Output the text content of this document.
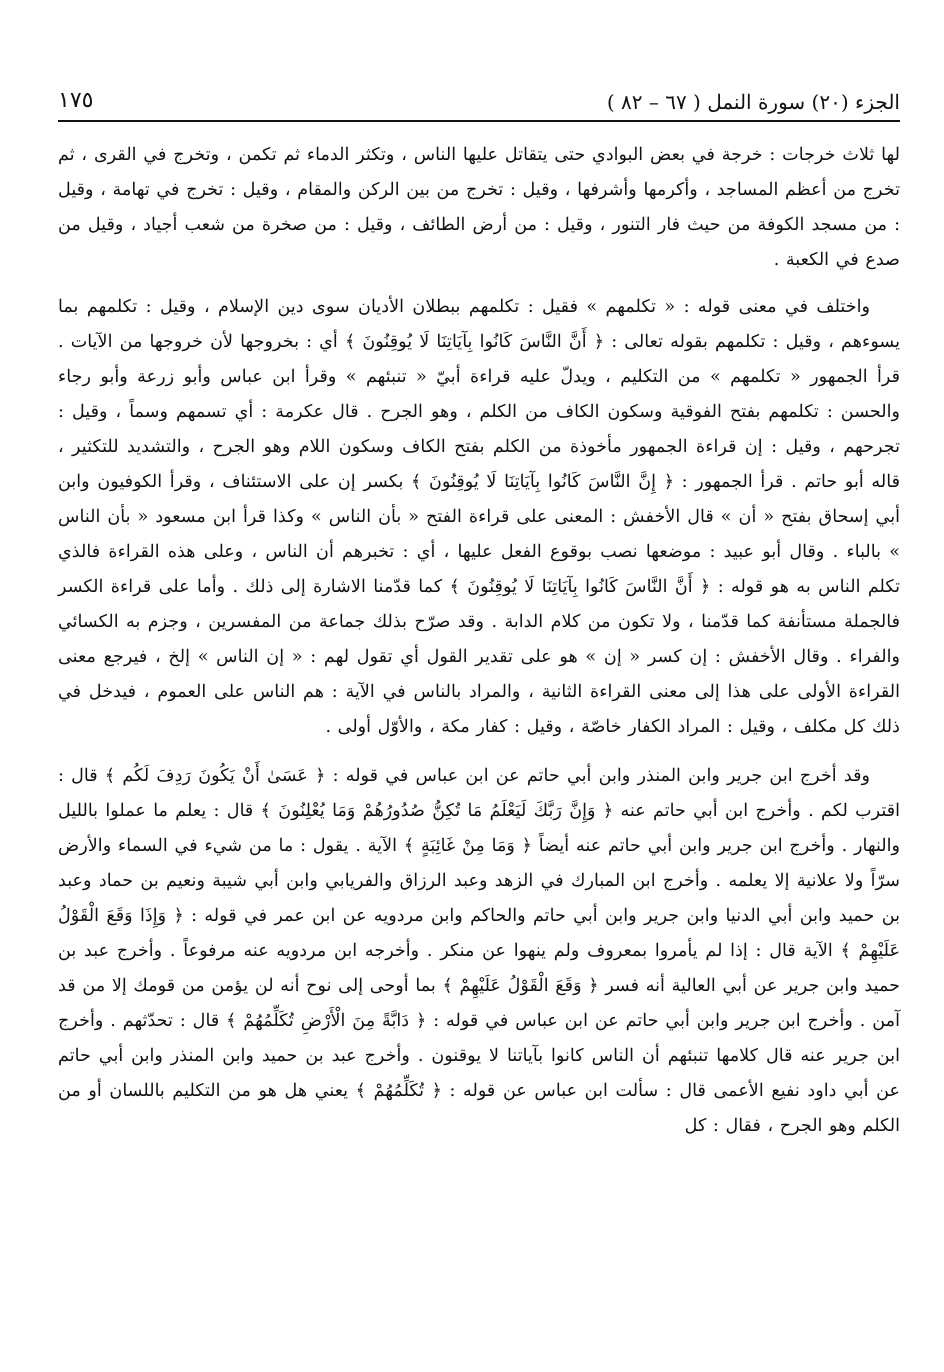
الجزء (٢٠) سورة النمل ( ٦٧ – ٨٢ )
١٧٥

لها ثلاث خرجات : خرجة في بعض البوادي حتى يتقاتل عليها الناس ، وتكثر الدماء ثم تكمن ، وتخرج في القرى ، ثم تخرج من أعظم المساجد ، وأكرمها وأشرفها ، وقيل : تخرج من بين الركن والمقام ، وقيل : تخرج في تهامة ، وقيل : من مسجد الكوفة من حيث فار التنور ، وقيل : من أرض الطائف ، وقيل : من صخرة من شعب أجياد ، وقيل من صدع في الكعبة .

واختلف في معنى قوله : « تكلمهم » فقيل : تكلمهم ببطلان الأديان سوى دين الإسلام ، وقيل : تكلمهم بما يسوءهم ، وقيل : تكلمهم بقوله تعالى : ﴿ أَنَّ النَّاسَ كَانُوا بِآيَاتِنَا لَا يُوقِنُونَ ﴾ أي : بخروجها لأن خروجها من الآيات . قرأ الجمهور « تكلمهم » من التكليم ، ويدلّ عليه قراءة أبيّ « تنبئهم » وقرأ ابن عباس وأبو زرعة وأبو رجاء والحسن : تكلمهم بفتح الفوقية وسكون الكاف من الكلم ، وهو الجرح . قال عكرمة : أي تسمهم وسماً ، وقيل : تجرحهم ، وقيل : إن قراءة الجمهور مأخوذة من الكلم بفتح الكاف وسكون اللام وهو الجرح ، والتشديد للتكثير ، قاله أبو حاتم . قرأ الجمهور : ﴿ إِنَّ النَّاسَ كَانُوا بِآيَاتِنَا لَا يُوقِنُونَ ﴾ بكسر إن على الاستئناف ، وقرأ الكوفيون وابن أبي إسحاق بفتح « أن » قال الأخفش : المعنى على قراءة الفتح « بأن الناس » وكذا قرأ ابن مسعود « بأن الناس » بالباء . وقال أبو عبيد : موضعها نصب بوقوع الفعل عليها ، أي : تخبرهم أن الناس ، وعلى هذه القراءة فالذي تكلم الناس به هو قوله : ﴿ أَنَّ النَّاسَ كَانُوا بِآيَاتِنَا لَا يُوقِنُونَ ﴾ كما قدّمنا الاشارة إلى ذلك . وأما على قراءة الكسر فالجملة مستأنفة كما قدّمنا ، ولا تكون من كلام الدابة . وقد صرّح بذلك جماعة من المفسرين ، وجزم به الكسائي والفراء . وقال الأخفش : إن كسر « إن » هو على تقدير القول أي تقول لهم : « إن الناس » إلخ ، فيرجع معنى القراءة الأولى على هذا إلى معنى القراءة الثانية ، والمراد بالناس في الآية : هم الناس على العموم ، فيدخل في ذلك كل مكلف ، وقيل : المراد الكفار خاصّة ، وقيل : كفار مكة ، والأوّل أولى .

وقد أخرج ابن جرير وابن المنذر وابن أبي حاتم عن ابن عباس في قوله : ﴿ عَسَىٰ أَنْ يَكُونَ رَدِفَ لَكُم ﴾ قال : اقترب لكم . وأخرج ابن أبي حاتم عنه ﴿ وَإِنَّ رَبَّكَ لَيَعْلَمُ مَا تُكِنُّ صُدُورُهُمْ وَمَا يُعْلِنُونَ ﴾ قال : يعلم ما عملوا بالليل والنهار . وأخرج ابن جرير وابن أبي حاتم عنه أيضاً ﴿ وَمَا مِنْ غَائِبَةٍ ﴾ الآية . يقول : ما من شيء في السماء والأرض سرّاً ولا علانية إلا يعلمه . وأخرج ابن المبارك في الزهد وعبد الرزاق والفريابي وابن أبي شيبة ونعيم بن حماد وعبد بن حميد وابن أبي الدنيا وابن جرير وابن أبي حاتم والحاكم وابن مردويه عن ابن عمر في قوله : ﴿ وَإِذَا وَقَعَ الْقَوْلُ عَلَيْهِمْ ﴾ الآية قال : إذا لم يأمروا بمعروف ولم ينهوا عن منكر . وأخرجه ابن مردويه عنه مرفوعاً . وأخرج عبد بن حميد وابن جرير عن أبي العالية أنه فسر ﴿ وَقَعَ الْقَوْلُ عَلَيْهِمْ ﴾ بما أوحى إلى نوح أنه لن يؤمن من قومك إلا من قد آمن . وأخرج ابن جرير وابن أبي حاتم عن ابن عباس في قوله : ﴿ دَابَّةً مِنَ الْأَرْضِ تُكَلِّمُهُمْ ﴾ قال : تحدّثهم . وأخرج ابن جرير عنه قال كلامها تنبئهم أن الناس كانوا بآياتنا لا يوقنون . وأخرج عبد بن حميد وابن المنذر وابن أبي حاتم عن أبي داود نفيع الأعمى قال : سألت ابن عباس عن قوله : ﴿ تُكَلِّمُهُمْ ﴾ يعني هل هو من التكليم باللسان أو من الكلم وهو الجرح ، فقال : كل
